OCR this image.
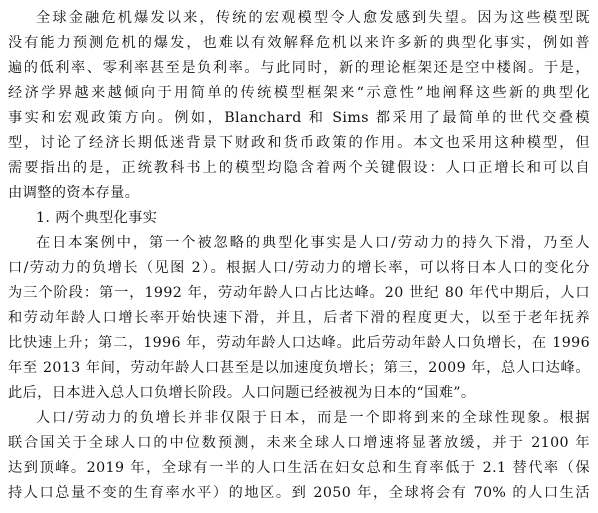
全球金融危机爆发以来，传统的宏观模型令人愈发感到失望。因为这些模型既
没有能力预测危机的爆发，也难以有效解释危机以来许多新的典型化事实，例如普
遍的低利率、零利率甚至是负利率。与此同时，新的理论框架还是空中楼阁。于是，
经济学界越来越倾向于用简单的传统模型框架来“示意性”地阐释这些新的典型化
事实和宏观政策方向。例如，Blanchard 和 Sims 都采用了最简单的世代交叠模
型，讨论了经济长期低迷背景下财政和货币政策的作用。本文也采用这种模型，但
需要指出的是，正统教科书上的模型均隐含着两个关键假设：人口正增长和可以自
由调整的资本存量。
1. 两个典型化事实
在日本案例中，第一个被忽略的典型化事实是人口/劳动力的持久下滑，乃至人
口/劳动力的负增长（见图 2）。根据人口/劳动力的增长率，可以将日本人口的变化分
为三个阶段：第一，1992 年，劳动年龄人口占比达峰。20 世纪 80 年代中期后，人口
和劳动年龄人口增长率开始快速下滑，并且，后者下滑的程度更大，以至于老年抚养
比快速上升；第二，1996 年，劳动年龄人口达峰。此后劳动年龄人口负增长，在 1996
年至 2013 年间，劳动年龄人口甚至是以加速度负增长；第三，2009 年，总人口达峰。
此后，日本进入总人口负增长阶段。人口问题已经被视为日本的“国难”。
人口/劳动力的负增长并非仅限于日本，而是一个即将到来的全球性现象。根据
联合国关于全球人口的中位数预测，未来全球人口增速将显著放缓，并于 2100 年
达到顶峰。2019 年，全球有一半的人口生活在妇女总和生育率低于 2.1 替代率（保
持人口总量不变的生育率水平）的地区。到 2050 年，全球将会有 70% 的人口生活
